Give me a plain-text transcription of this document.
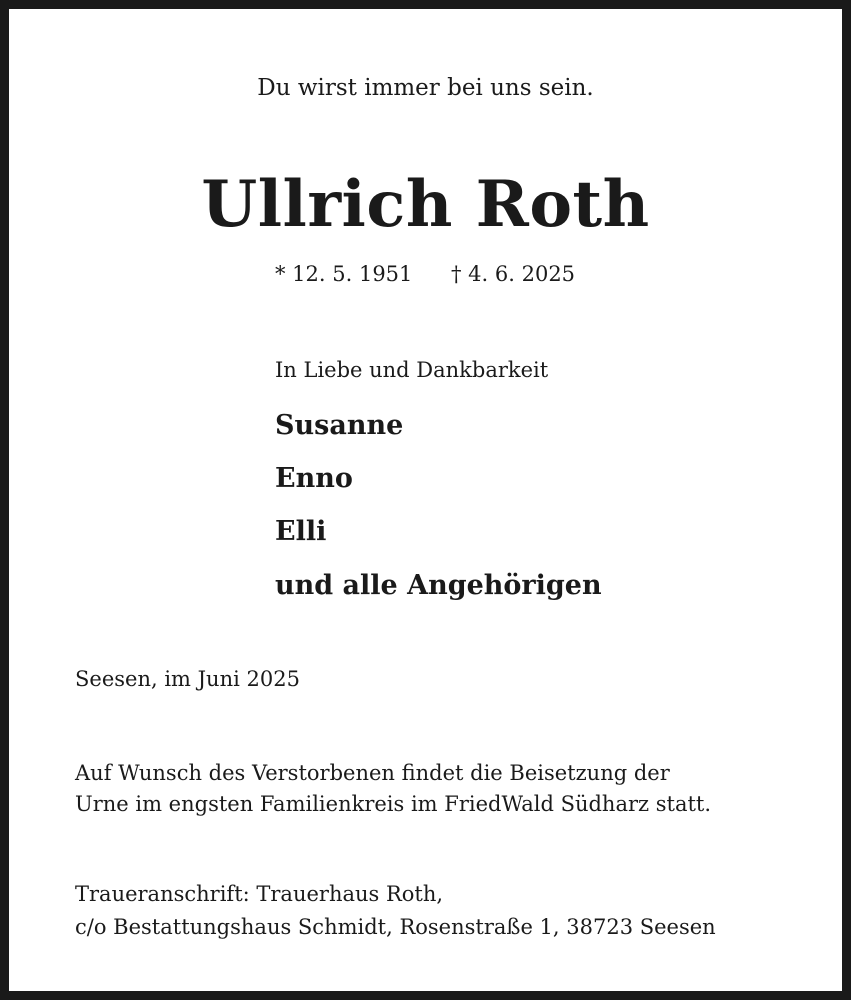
Du wirst immer bei uns sein.
Ullrich Roth
* 12. 5. 1951 † 4. 6. 2025
In Liebe und Dankbarkeit
Susanne
Enno
Elli
und alle Angehörigen
Seesen, im Juni 2025
Auf Wunsch des Verstorbenen findet die Beisetzung der
Urne im engsten Familienkreis im FriedWald Südharz statt.
Traueranschrift: Trauerhaus Roth,
c/o Bestattungshaus Schmidt, Rosenstraße 1, 38723 Seesen
